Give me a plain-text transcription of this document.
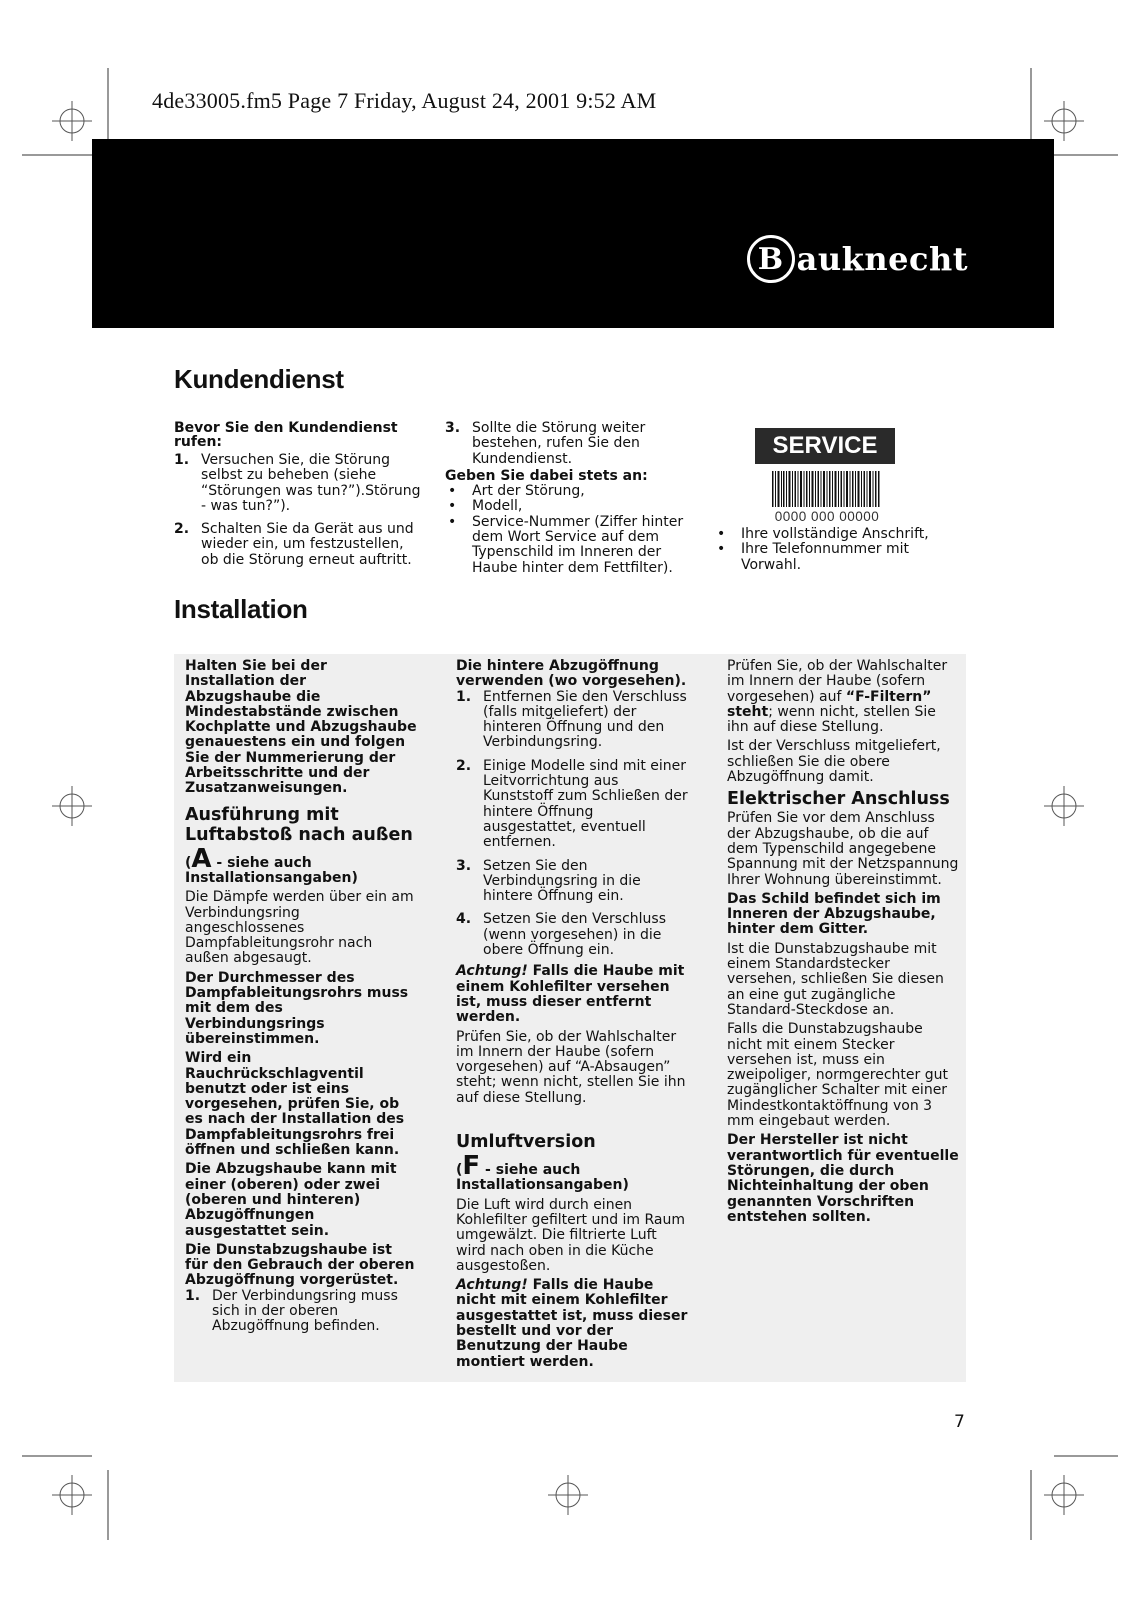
4de33005.fm5 Page 7 Friday, August 24, 2001 9:52 AM
B auknecht
Kundendienst

Bevor Sie den Kundendienst rufen:

1. Versuchen Sie, die Störung selbst zu beheben (siehe “Störungen was tun?”).Störung - was tun?”).
2. Schalten Sie da Gerät aus und wieder ein, um festzustellen, ob die Störung erneut auftritt.
3. Sollte die Störung weiter bestehen, rufen Sie den Kundendienst.

Geben Sie dabei stets an:

• Art der Störung,
• Modell,
• Service-Nummer (Ziffer hinter dem Wort Service auf dem Typenschild im Inneren der Haube hinter dem Fettfilter).
SERVICE
0000 000 00000
• Ihre vollständige Anschrift,
• Ihre Telefonnummer mit Vorwahl.
Installation

Halten Sie bei der Installation der Abzugshaube die Mindestabstände zwischen Kochplatte und Abzugshaube genauestens ein und folgen Sie der Nummerierung der Arbeitsschritte und der Zusatzanweisungen.

Ausführung mit Luftabstoß nach außen

(A - siehe auch Installationsangaben)

Die Dämpfe werden über ein am Verbindungsring angeschlossenes Dampfableitungsrohr nach außen abgesaugt.

Der Durchmesser des Dampfableitungsrohrs muss mit dem des Verbindungsrings übereinstimmen.

Wird ein Rauchrückschlagventil benutzt oder ist eins vorgesehen, prüfen Sie, ob es nach der Installation des Dampfableitungsrohrs frei öffnen und schließen kann.

Die Abzugshaube kann mit einer (oberen) oder zwei (oberen und hinteren) Abzugöffnungen ausgestattet sein.

Die Dunstabzugshaube ist für den Gebrauch der oberen Abzugöffnung vorgerüstet.

1. Der Verbindungsring muss sich in der oberen Abzugöffnung befinden.

Die hintere Abzugöffnung verwenden (wo vorgesehen).

1. Entfernen Sie den Verschluss (falls mitgeliefert) der hinteren Öffnung und den Verbindungsring.
2. Einige Modelle sind mit einer Leitvorrichtung aus Kunststoff zum Schließen der hintere Öffnung ausgestattet, eventuell entfernen.
3. Setzen Sie den Verbindungsring in die hintere Öffnung ein.
4. Setzen Sie den Verschluss (wenn vorgesehen) in die obere Öffnung ein.

Achtung! Falls die Haube mit einem Kohlefilter versehen ist, muss dieser entfernt werden.

Prüfen Sie, ob der Wahlschalter im Innern der Haube (sofern vorgesehen) auf “A-Absaugen” steht; wenn nicht, stellen Sie ihn auf diese Stellung.

Umluftversion

(F - siehe auch Installationsangaben)

Die Luft wird durch einen Kohlefilter gefiltert und im Raum umgewälzt. Die filtrierte Luft wird nach oben in die Küche ausgestoßen.

Achtung! Falls die Haube nicht mit einem Kohlefilter ausgestattet ist, muss dieser bestellt und vor der Benutzung der Haube montiert werden.

Prüfen Sie, ob der Wahlschalter im Innern der Haube (sofern vorgesehen) auf “F-Filtern” steht; wenn nicht, stellen Sie ihn auf diese Stellung.

Ist der Verschluss mitgeliefert, schließen Sie die obere Abzugöffnung damit.

Elektrischer Anschluss

Prüfen Sie vor dem Anschluss der Abzugshaube, ob die auf dem Typenschild angegebene Spannung mit der Netzspannung Ihrer Wohnung übereinstimmt.

Das Schild befindet sich im Inneren der Abzugshaube, hinter dem Gitter.

Ist die Dunstabzugshaube mit einem Standardstecker versehen, schließen Sie diesen an eine gut zugängliche Standard-Steckdose an.

Falls die Dunstabzugshaube nicht mit einem Stecker versehen ist, muss ein zweipoliger, normgerechter gut zugänglicher Schalter mit einer Mindestkontaktöffnung von 3 mm eingebaut werden.

Der Hersteller ist nicht verantwortlich für eventuelle Störungen, die durch Nichteinhaltung der oben genannten Vorschriften entstehen sollten.

7
